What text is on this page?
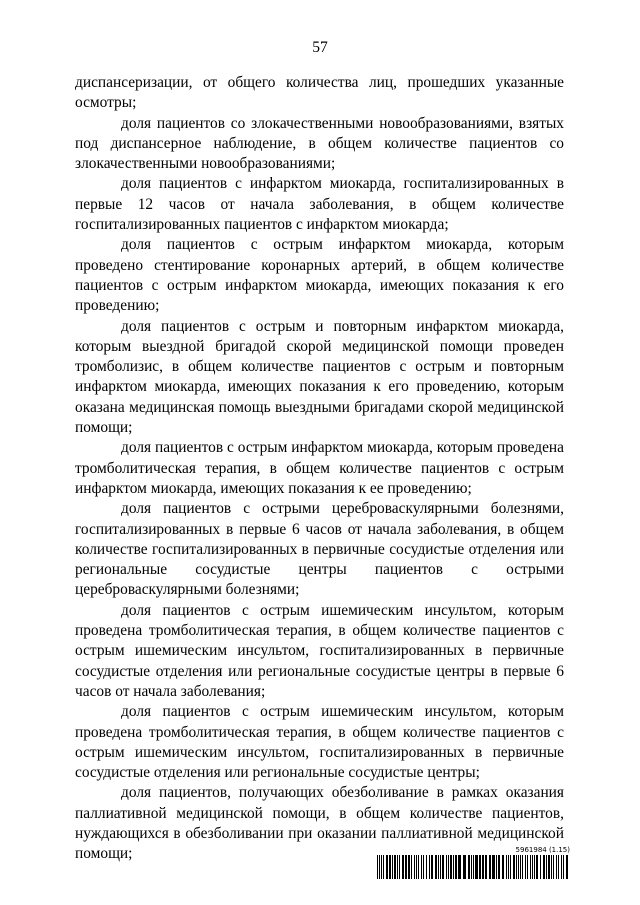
57

диспансеризации, от общего количества лиц, прошедших указанные осмотры;

доля пациентов со злокачественными новообразованиями, взятых под диспансерное наблюдение, в общем количестве пациентов со злокачественными новообразованиями;

доля пациентов с инфарктом миокарда, госпитализированных в первые 12 часов от начала заболевания, в общем количестве госпитализированных пациентов с инфарктом миокарда;

доля пациентов с острым инфарктом миокарда, которым проведено стентирование коронарных артерий, в общем количестве пациентов с острым инфарктом миокарда, имеющих показания к его проведению;

доля пациентов с острым и повторным инфарктом миокарда, которым выездной бригадой скорой медицинской помощи проведен тромболизис, в общем количестве пациентов с острым и повторным инфарктом миокарда, имеющих показания к его проведению, которым оказана медицинская помощь выездными бригадами скорой медицинской помощи;

доля пациентов с острым инфарктом миокарда, которым проведена тромболитическая терапия, в общем количестве пациентов с острым инфарктом миокарда, имеющих показания к ее проведению;

доля пациентов с острыми цереброваскулярными болезнями, госпитализированных в первые 6 часов от начала заболевания, в общем количестве госпитализированных в первичные сосудистые отделения или региональные сосудистые центры пациентов с острыми цереброваскулярными болезнями;

доля пациентов с острым ишемическим инсультом, которым проведена тромболитическая терапия, в общем количестве пациентов с острым ишемическим инсультом, госпитализированных в первичные сосудистые отделения или региональные сосудистые центры в первые 6 часов от начала заболевания;

доля пациентов с острым ишемическим инсультом, которым проведена тромболитическая терапия, в общем количестве пациентов с острым ишемическим инсультом, госпитализированных в первичные сосудистые отделения или региональные сосудистые центры;

доля пациентов, получающих обезболивание в рамках оказания паллиативной медицинской помощи, в общем количестве пациентов, нуждающихся в обезболивании при оказании паллиативной медицинской помощи;	5961984 (1.15)
